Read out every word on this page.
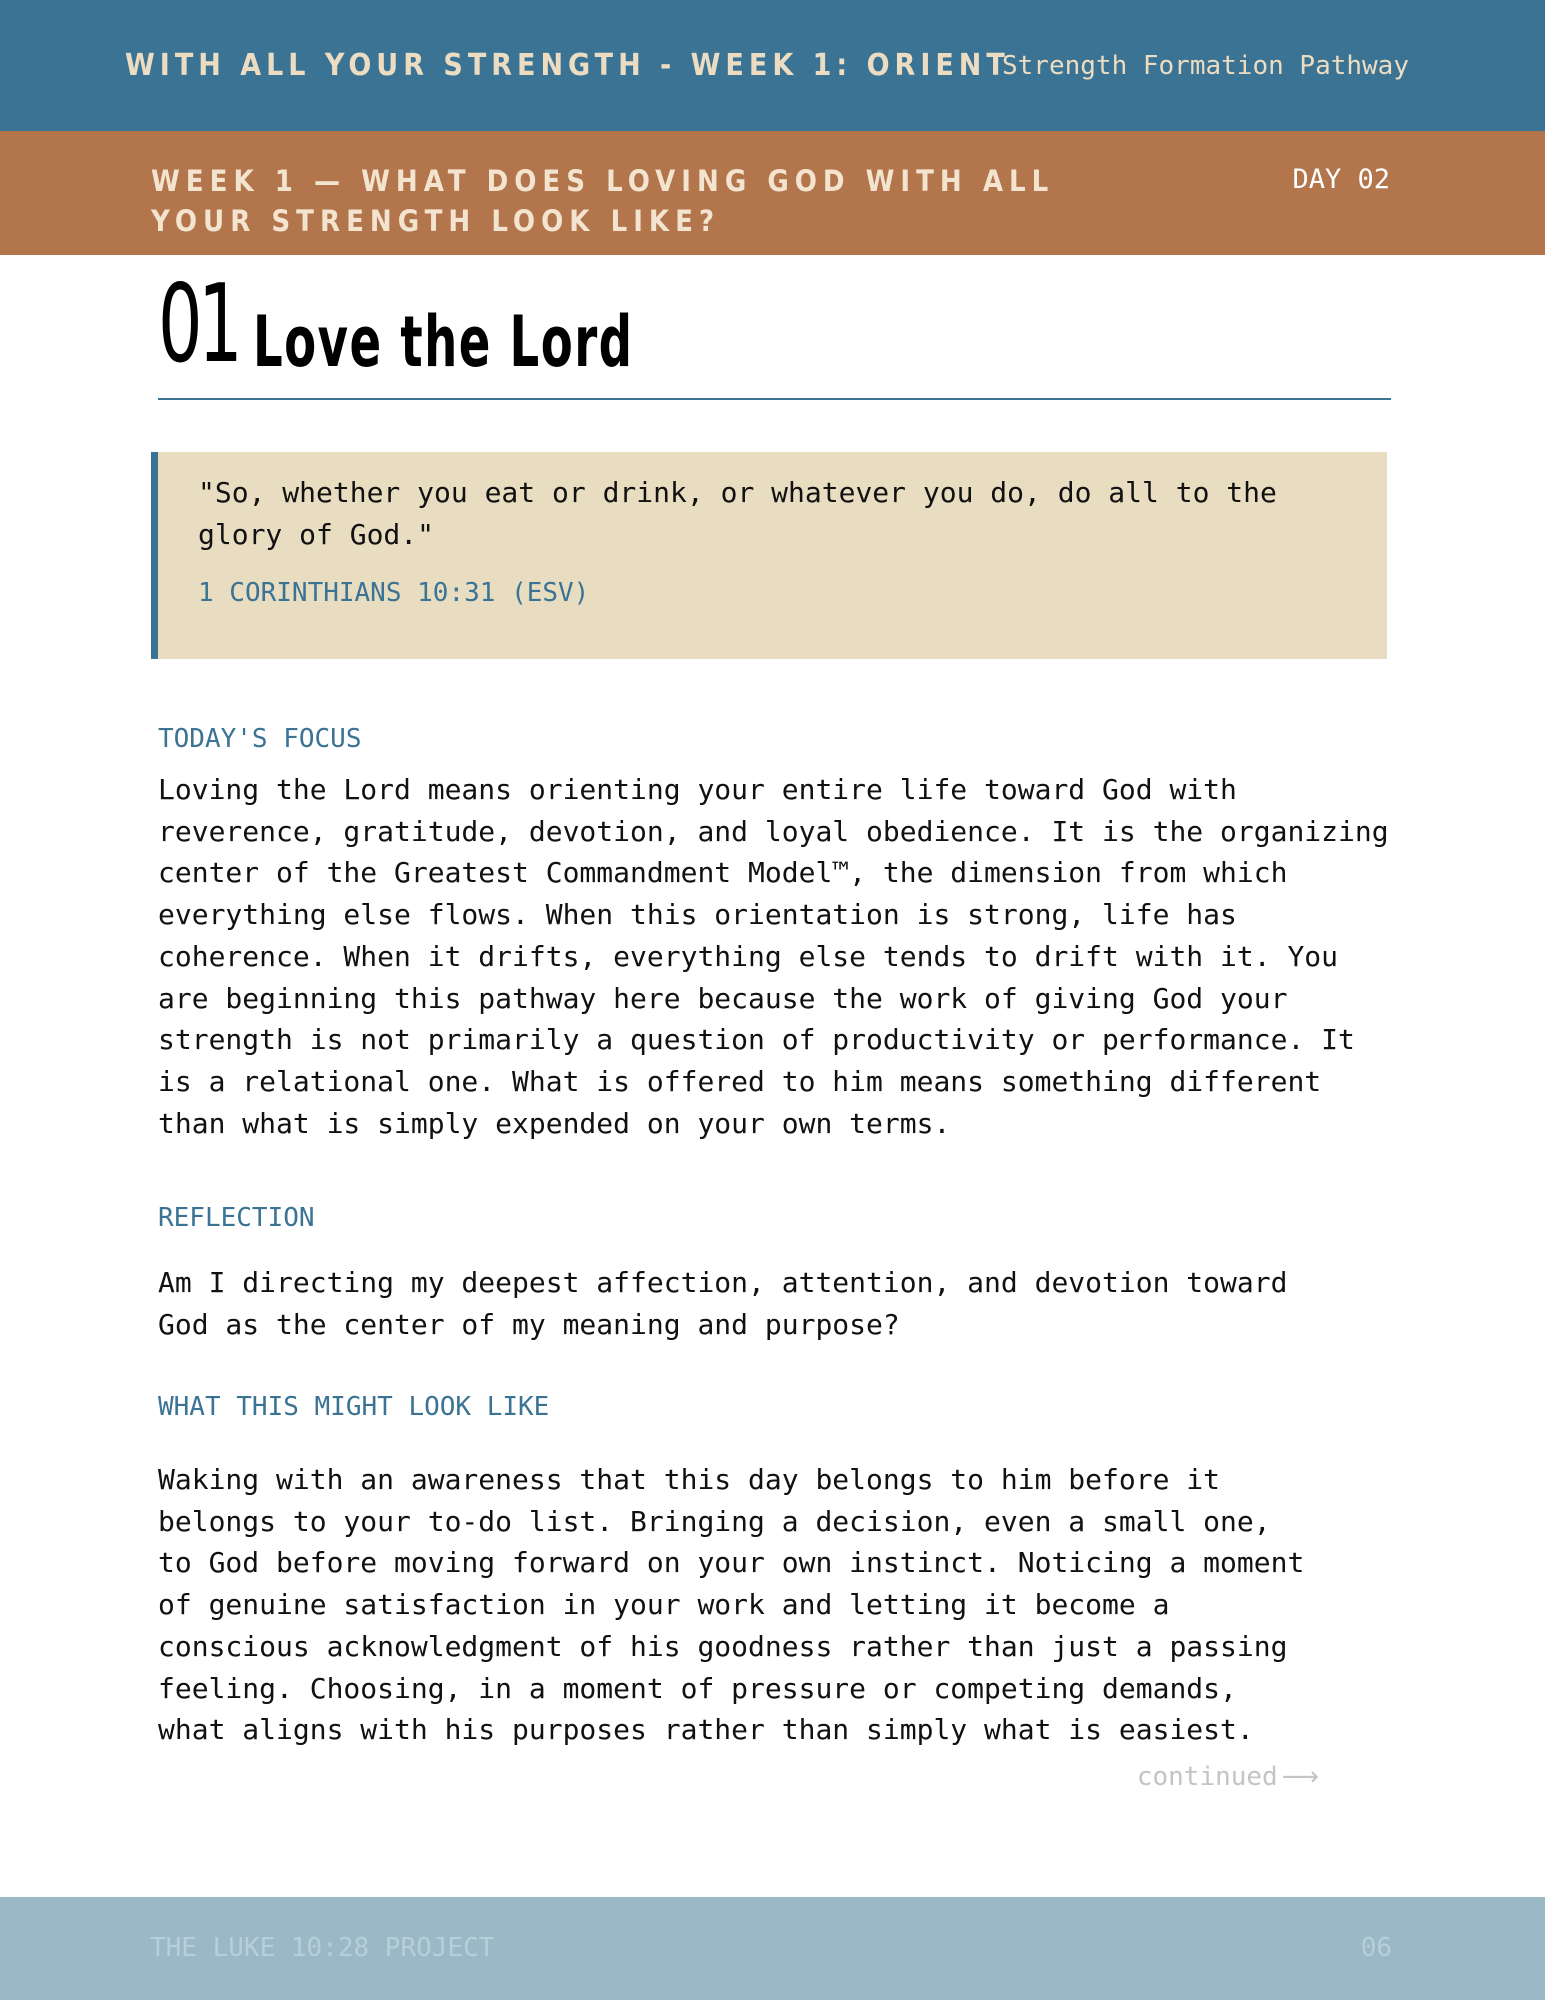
WITH ALL YOUR STRENGTH - WEEK 1: ORIENT
Strength Formation Pathway
WEEK 1 — WHAT DOES LOVING GOD WITH ALL YOUR STRENGTH LOOK LIKE?
DAY 02
01 Love the Lord
"So, whether you eat or drink, or whatever you do, do all to the glory of God."
1 CORINTHIANS 10:31 (ESV)
TODAY'S FOCUS

Loving the Lord means orienting your entire life toward God with reverence, gratitude, devotion, and loyal obedience. It is the organizing center of the Greatest Commandment Model™, the dimension from which everything else flows. When this orientation is strong, life has coherence. When it drifts, everything else tends to drift with it. You are beginning this pathway here because the work of giving God your strength is not primarily a question of productivity or performance. It is a relational one. What is offered to him means something different than what is simply expended on your own terms.

REFLECTION

Am I directing my deepest affection, attention, and devotion toward God as the center of my meaning and purpose?

WHAT THIS MIGHT LOOK LIKE

Waking with an awareness that this day belongs to him before it belongs to your to-do list. Bringing a decision, even a small one, to God before moving forward on your own instinct. Noticing a moment of genuine satisfaction in your work and letting it become a conscious acknowledgment of his goodness rather than just a passing feeling. Choosing, in a moment of pressure or competing demands, what aligns with his purposes rather than simply what is easiest.

continued ⟶
THE LUKE 10:28 PROJECT	06
